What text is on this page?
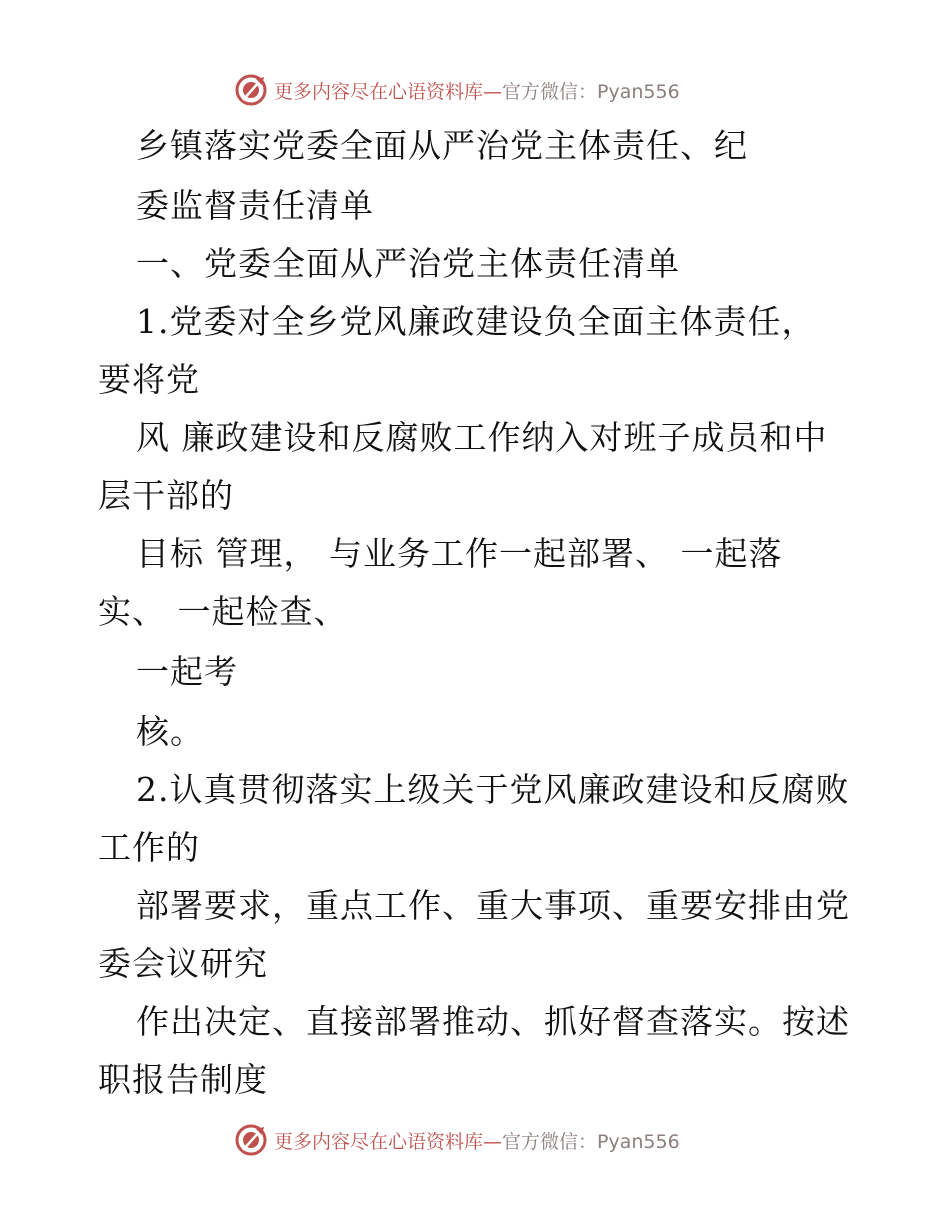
更多内容尽在心语资料库—官方微信：Pyan556
乡镇落实党委全面从严治党主体责任、纪
委监督责任清单
一、党委全面从严治党主体责任清单
1.党委对全乡党风廉政建设负全面主体责任，
要将党
风 廉政建设和反腐败工作纳入对班子成员和中
层干部的
目标 管理， 与业务工作一起部署、 一起落
实、 一起检查、
一起考
核。
2.认真贯彻落实上级关于党风廉政建设和反腐败
工作的
部署要求，重点工作、重大事项、重要安排由党
委会议研究
作出决定、直接部署推动、抓好督查落实。按述
职报告制度
更多内容尽在心语资料库—官方微信：Pyan556
